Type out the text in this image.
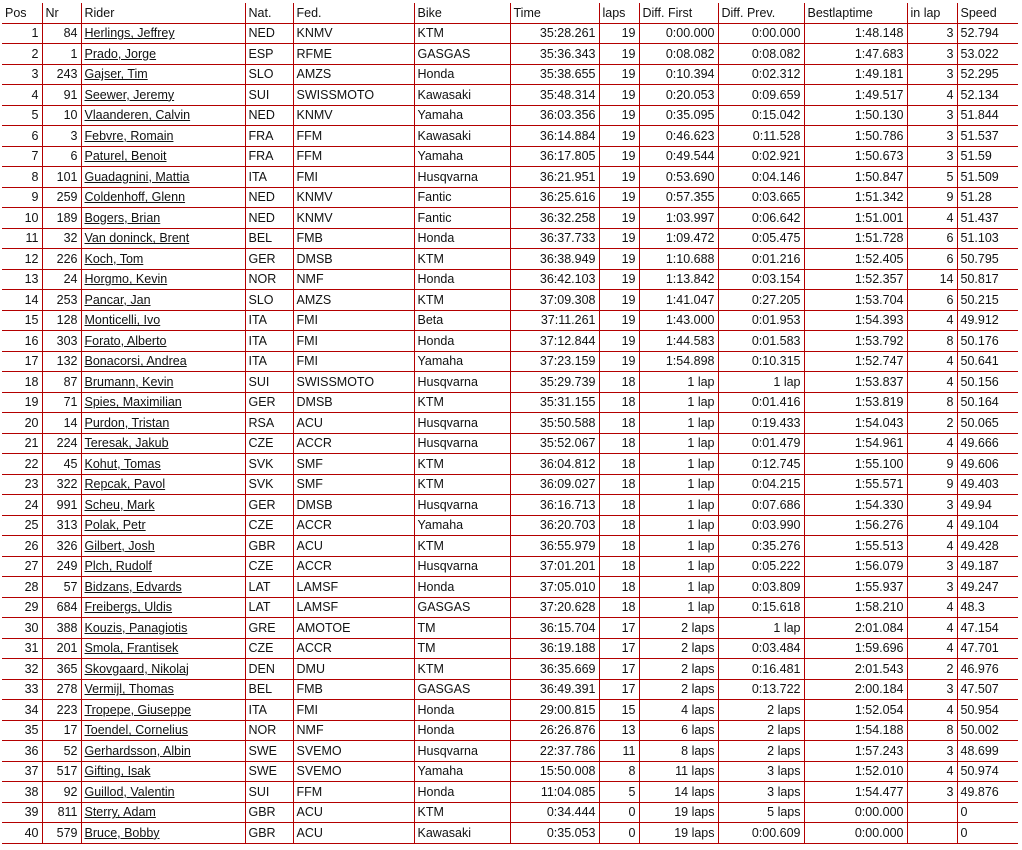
Pos	Nr	Rider	Nat.	Fed.	Bike	Time	laps	Diff. First	Diff. Prev.	Bestlaptime	in lap	Speed
1	84	Herlings, Jeffrey	NED	KNMV	KTM	35:28.261	19	0:00.000	0:00.000	1:48.148	3	52.794
2	1	Prado, Jorge	ESP	RFME	GASGAS	35:36.343	19	0:08.082	0:08.082	1:47.683	3	53.022
3	243	Gajser, Tim	SLO	AMZS	Honda	35:38.655	19	0:10.394	0:02.312	1:49.181	3	52.295
4	91	Seewer, Jeremy	SUI	SWISSMOTO	Kawasaki	35:48.314	19	0:20.053	0:09.659	1:49.517	4	52.134
5	10	Vlaanderen, Calvin	NED	KNMV	Yamaha	36:03.356	19	0:35.095	0:15.042	1:50.130	3	51.844
6	3	Febvre, Romain	FRA	FFM	Kawasaki	36:14.884	19	0:46.623	0:11.528	1:50.786	3	51.537
7	6	Paturel, Benoit	FRA	FFM	Yamaha	36:17.805	19	0:49.544	0:02.921	1:50.673	3	51.59
8	101	Guadagnini, Mattia	ITA	FMI	Husqvarna	36:21.951	19	0:53.690	0:04.146	1:50.847	5	51.509
9	259	Coldenhoff, Glenn	NED	KNMV	Fantic	36:25.616	19	0:57.355	0:03.665	1:51.342	9	51.28
10	189	Bogers, Brian	NED	KNMV	Fantic	36:32.258	19	1:03.997	0:06.642	1:51.001	4	51.437
11	32	Van doninck, Brent	BEL	FMB	Honda	36:37.733	19	1:09.472	0:05.475	1:51.728	6	51.103
12	226	Koch, Tom	GER	DMSB	KTM	36:38.949	19	1:10.688	0:01.216	1:52.405	6	50.795
13	24	Horgmo, Kevin	NOR	NMF	Honda	36:42.103	19	1:13.842	0:03.154	1:52.357	14	50.817
14	253	Pancar, Jan	SLO	AMZS	KTM	37:09.308	19	1:41.047	0:27.205	1:53.704	6	50.215
15	128	Monticelli, Ivo	ITA	FMI	Beta	37:11.261	19	1:43.000	0:01.953	1:54.393	4	49.912
16	303	Forato, Alberto	ITA	FMI	Honda	37:12.844	19	1:44.583	0:01.583	1:53.792	8	50.176
17	132	Bonacorsi, Andrea	ITA	FMI	Yamaha	37:23.159	19	1:54.898	0:10.315	1:52.747	4	50.641
18	87	Brumann, Kevin	SUI	SWISSMOTO	Husqvarna	35:29.739	18	1 lap	1 lap	1:53.837	4	50.156
19	71	Spies, Maximilian	GER	DMSB	KTM	35:31.155	18	1 lap	0:01.416	1:53.819	8	50.164
20	14	Purdon, Tristan	RSA	ACU	Husqvarna	35:50.588	18	1 lap	0:19.433	1:54.043	2	50.065
21	224	Teresak, Jakub	CZE	ACCR	Husqvarna	35:52.067	18	1 lap	0:01.479	1:54.961	4	49.666
22	45	Kohut, Tomas	SVK	SMF	KTM	36:04.812	18	1 lap	0:12.745	1:55.100	9	49.606
23	322	Repcak, Pavol	SVK	SMF	KTM	36:09.027	18	1 lap	0:04.215	1:55.571	9	49.403
24	991	Scheu, Mark	GER	DMSB	Husqvarna	36:16.713	18	1 lap	0:07.686	1:54.330	3	49.94
25	313	Polak, Petr	CZE	ACCR	Yamaha	36:20.703	18	1 lap	0:03.990	1:56.276	4	49.104
26	326	Gilbert, Josh	GBR	ACU	KTM	36:55.979	18	1 lap	0:35.276	1:55.513	4	49.428
27	249	Plch, Rudolf	CZE	ACCR	Husqvarna	37:01.201	18	1 lap	0:05.222	1:56.079	3	49.187
28	57	Bidzans, Edvards	LAT	LAMSF	Honda	37:05.010	18	1 lap	0:03.809	1:55.937	3	49.247
29	684	Freibergs, Uldis	LAT	LAMSF	GASGAS	37:20.628	18	1 lap	0:15.618	1:58.210	4	48.3
30	388	Kouzis, Panagiotis	GRE	AMOTOE	TM	36:15.704	17	2 laps	1 lap	2:01.084	4	47.154
31	201	Smola, Frantisek	CZE	ACCR	TM	36:19.188	17	2 laps	0:03.484	1:59.696	4	47.701
32	365	Skovgaard, Nikolaj	DEN	DMU	KTM	36:35.669	17	2 laps	0:16.481	2:01.543	2	46.976
33	278	Vermijl, Thomas	BEL	FMB	GASGAS	36:49.391	17	2 laps	0:13.722	2:00.184	3	47.507
34	223	Tropepe, Giuseppe	ITA	FMI	Honda	29:00.815	15	4 laps	2 laps	1:52.054	4	50.954
35	17	Toendel, Cornelius	NOR	NMF	Honda	26:26.876	13	6 laps	2 laps	1:54.188	8	50.002
36	52	Gerhardsson, Albin	SWE	SVEMO	Husqvarna	22:37.786	11	8 laps	2 laps	1:57.243	3	48.699
37	517	Gifting, Isak	SWE	SVEMO	Yamaha	15:50.008	8	11 laps	3 laps	1:52.010	4	50.974
38	92	Guillod, Valentin	SUI	FFM	Honda	11:04.085	5	14 laps	3 laps	1:54.477	3	49.876
39	811	Sterry, Adam	GBR	ACU	KTM	0:34.444	0	19 laps	5 laps	0:00.000		0
40	579	Bruce, Bobby	GBR	ACU	Kawasaki	0:35.053	0	19 laps	0:00.609	0:00.000		0
